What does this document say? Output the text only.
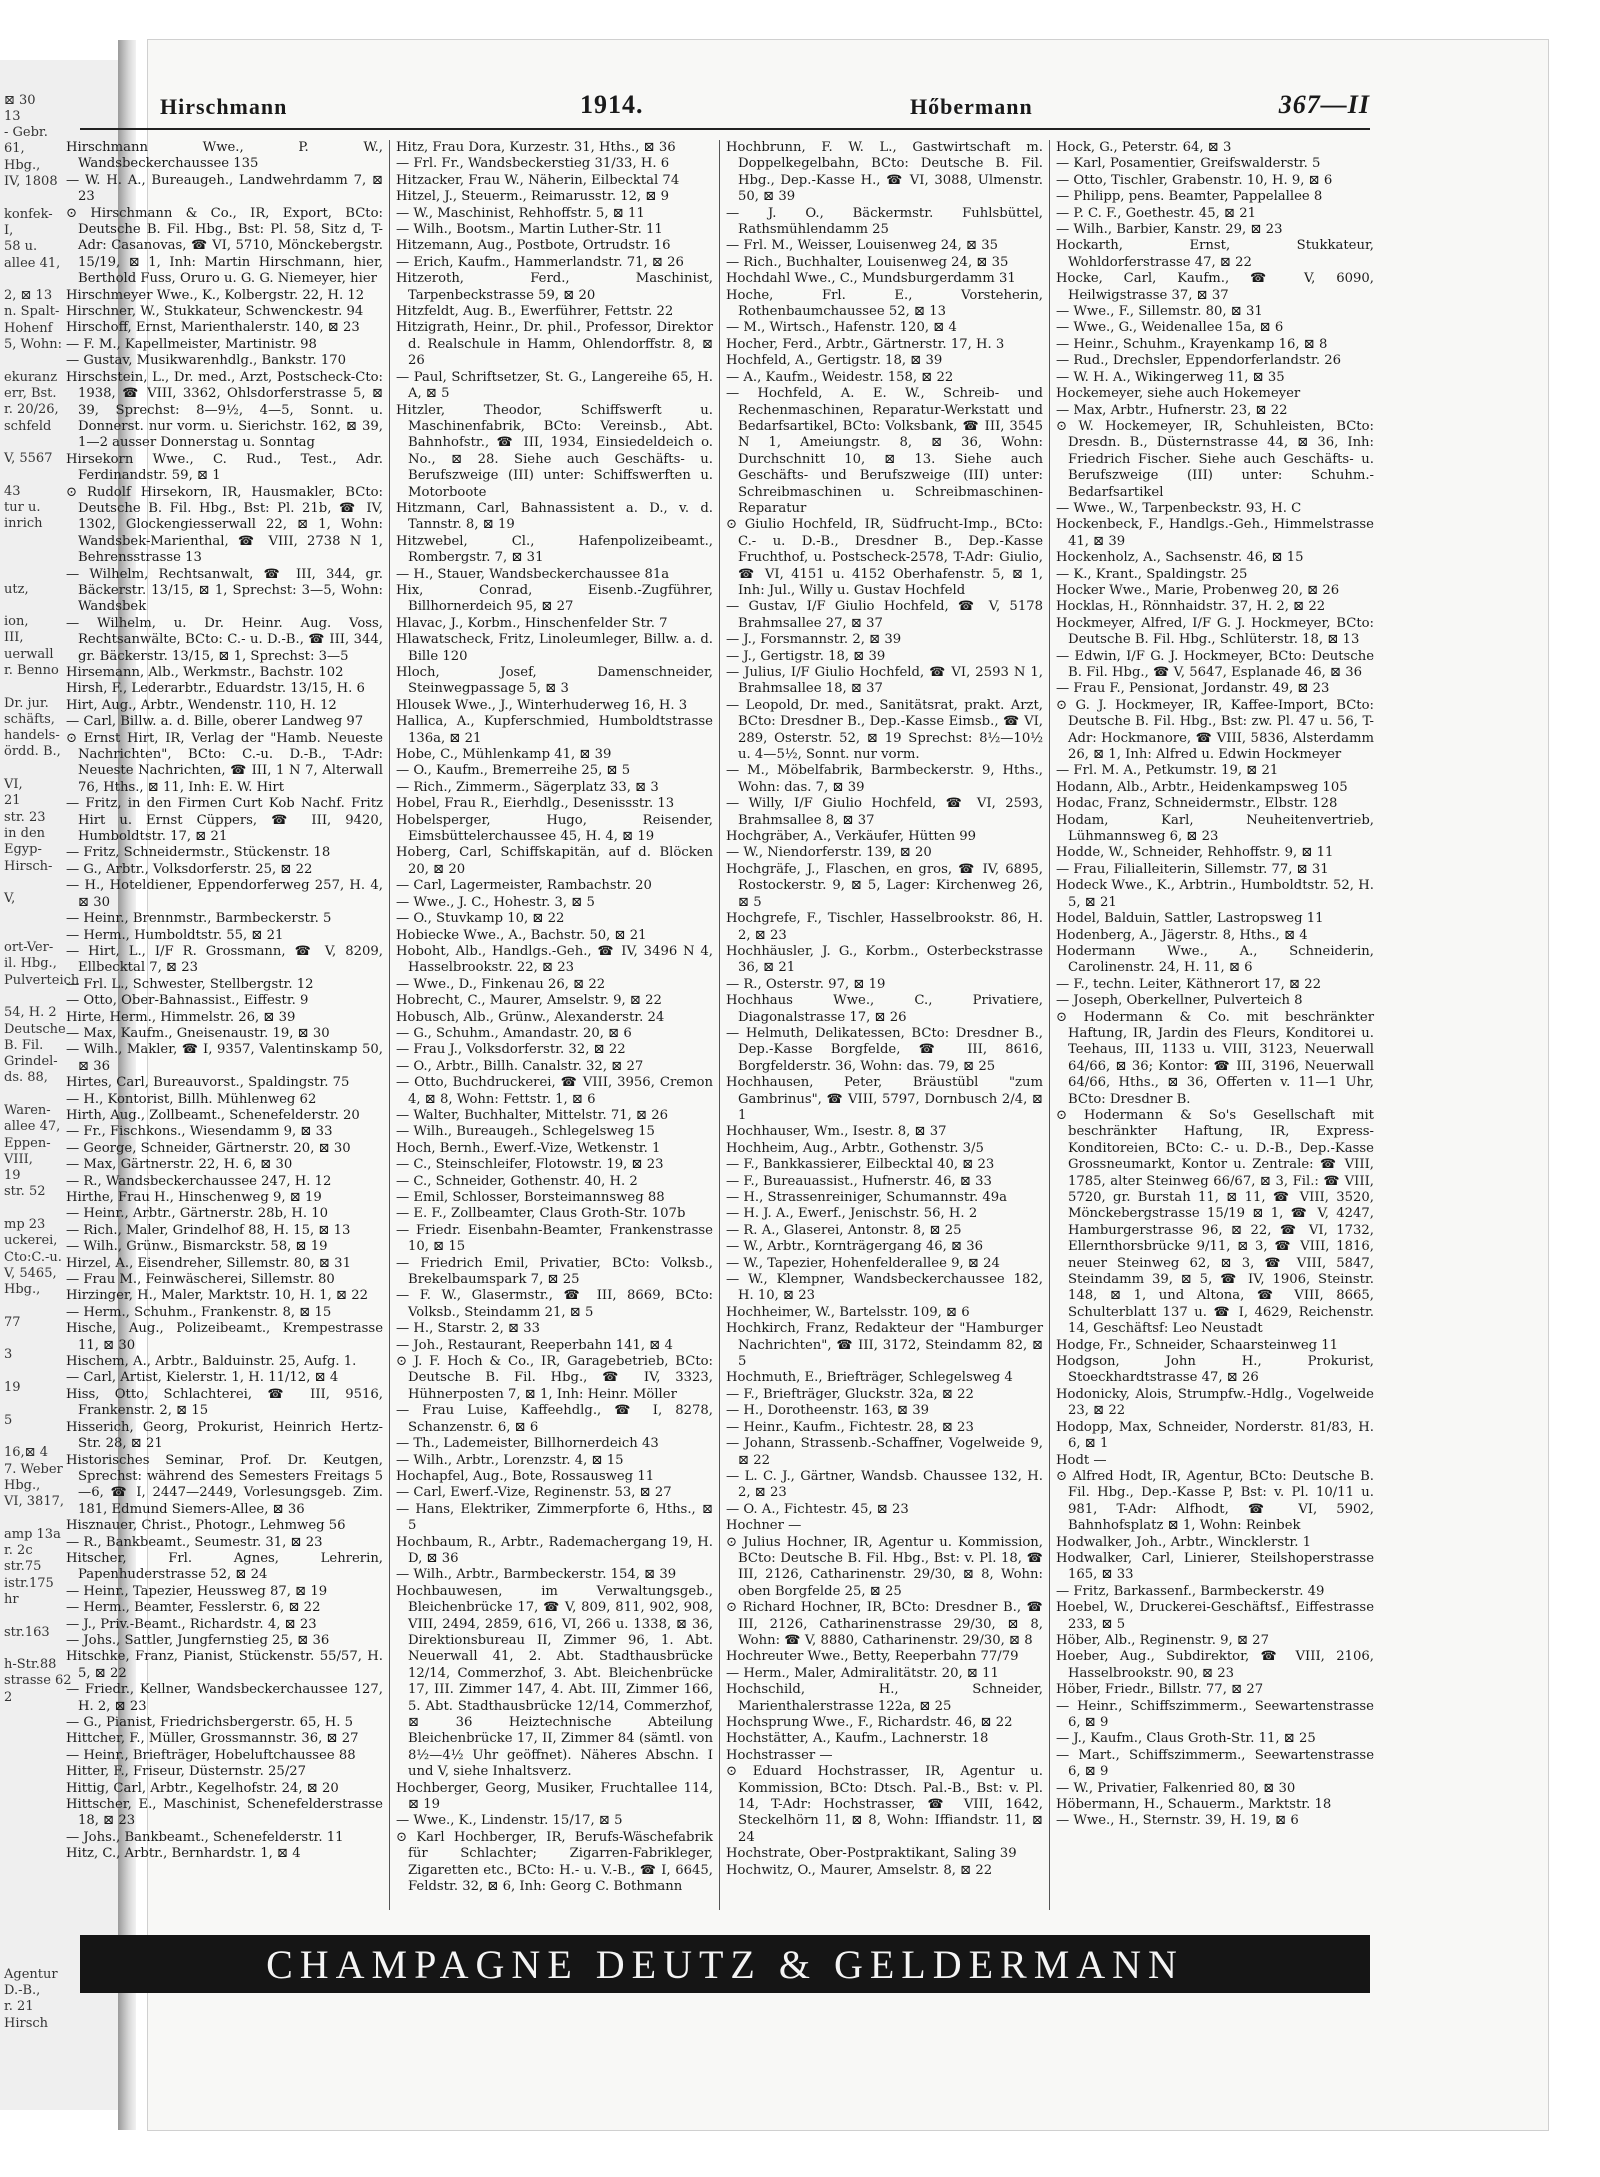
⊠ 30
13
- Gebr.
61,
Hbg.,
IV, 1808

konfek-
I,
58 u.
allee 41,

2, ⊠ 13
n. Spalt-
Hohenf
5, Wohn:

ekuranz
err, Bst.
r. 20/26,
schfeld

V, 5567

43
tur u.
inrich

utz,

ion,
III,
uerwall
r. Benno

Dr. jur.
schäfts,
handels-
ördd. B.,

VI,
21
str. 23
in den
Egyp-
Hirsch-

V,

ort-Ver-
il. Hbg.,
Pulverteich

54, H. 2
Deutsche
B. Fil.
Grindel-
ds. 88,

Waren-
allee 47,
Eppen-
VIII,
19
str. 52

mp 23
uckerei,
Cto:C.-u.
V, 5465,
Hbg.,

77

3

19

5

16,⊠ 4
7. Weber
Hbg.,
VI, 3817,

amp 13a
r. 2c
str.75
istr.175
hr

str.163

h-Str.88
strasse 62
2

Agentur
D.-B.,
r. 21
Hirsch
Hirschmann	1914.	Hőbermann	367—II

Hirschmann Wwe., P. W., Wandsbeckerchaussee 135

— W. H. A., Bureaugeh., Landwehrdamm 7, ⊠ 23

⊙ Hirschmann & Co., IR, Export, BCto: Deutsche B. Fil. Hbg., Bst: Pl. 58, Sitz d, T-Adr: Casanovas, ☎ VI, 5710, Mönckebergstr. 15/19, ⊠ 1, Inh: Martin Hirschmann, hier, Berthold Fuss, Oruro u. G. G. Niemeyer, hier

Hirschmeyer Wwe., K., Kolbergstr. 22, H. 12

Hirschner, W., Stukkateur, Schwenckestr. 94

Hirschoff, Ernst, Marienthalerstr. 140, ⊠ 23

— F. M., Kapellmeister, Martinistr. 98

— Gustav, Musikwarenhdlg., Bankstr. 170

Hirschstein, L., Dr. med., Arzt, Postscheck-Cto: 1938, ☎ VIII, 3362, Ohlsdorferstrasse 5, ⊠ 39, Sprechst: 8—9½, 4—5, Sonnt. u. Donnerst. nur vorm. u. Sierichstr. 162, ⊠ 39, 1—2 ausser Donnerstag u. Sonntag

Hirsekorn Wwe., C. Rud., Test., Adr. Ferdinandstr. 59, ⊠ 1

⊙ Rudolf Hirsekorn, IR, Hausmakler, BCto: Deutsche B. Fil. Hbg., Bst: Pl. 21b, ☎ IV, 1302, Glockengiesserwall 22, ⊠ 1, Wohn: Wandsbek-Marienthal, ☎ VIII, 2738 N 1, Behrensstrasse 13

— Wilhelm, Rechtsanwalt, ☎ III, 344, gr. Bäckerstr. 13/15, ⊠ 1, Sprechst: 3—5, Wohn: Wandsbek

— Wilhelm, u. Dr. Heinr. Aug. Voss, Rechtsanwälte, BCto: C.- u. D.-B., ☎ III, 344, gr. Bäckerstr. 13/15, ⊠ 1, Sprechst: 3—5

Hirsemann, Alb., Werkmstr., Bachstr. 102

Hirsh, F., Lederarbtr., Eduardstr. 13/15, H. 6

Hirt, Aug., Arbtr., Wendenstr. 110, H. 12

— Carl, Billw. a. d. Bille, oberer Landweg 97

⊙ Ernst Hirt, IR, Verlag der "Hamb. Neueste Nachrichten", BCto: C.-u. D.-B., T-Adr: Neueste Nachrichten, ☎ III, 1 N 7, Alterwall 76, Hths., ⊠ 11, Inh: E. W. Hirt

— Fritz, in den Firmen Curt Kob Nachf. Fritz Hirt u. Ernst Cüppers, ☎ III, 9420, Humboldtstr. 17, ⊠ 21

— Fritz, Schneidermstr., Stückenstr. 18

— G., Arbtr., Volksdorferstr. 25, ⊠ 22

— H., Hoteldiener, Eppendorferweg 257, H. 4, ⊠ 30

— Heinr., Brennmstr., Barmbeckerstr. 5

— Herm., Humboldtstr. 55, ⊠ 21

— Hirt, L., I/F R. Grossmann, ☎ V, 8209, Ellbecktal 7, ⊠ 23

— Frl. L., Schwester, Stellbergstr. 12

— Otto, Ober-Bahnassist., Eiffestr. 9

Hirte, Herm., Himmelstr. 26, ⊠ 39

— Max, Kaufm., Gneisenaustr. 19, ⊠ 30

— Wilh., Makler, ☎ I, 9357, Valentinskamp 50, ⊠ 36

Hirtes, Carl, Bureauvorst., Spaldingstr. 75

— H., Kontorist, Billh. Mühlenweg 62

Hirth, Aug., Zollbeamt., Schenefelderstr. 20

— Fr., Fischkons., Wiesendamm 9, ⊠ 33

— George, Schneider, Gärtnerstr. 20, ⊠ 30

— Max, Gärtnerstr. 22, H. 6, ⊠ 30

— R., Wandsbeckerchaussee 247, H. 12

Hirthe, Frau H., Hinschenweg 9, ⊠ 19

— Heinr., Arbtr., Gärtnerstr. 28b, H. 10

— Rich., Maler, Grindelhof 88, H. 15, ⊠ 13

— Wilh., Grünw., Bismarckstr. 58, ⊠ 19

Hirzel, A., Eisendreher, Sillemstr. 80, ⊠ 31

— Frau M., Feinwäscherei, Sillemstr. 80

Hirzinger, H., Maler, Marktstr. 10, H. 1, ⊠ 22

— Herm., Schuhm., Frankenstr. 8, ⊠ 15

Hische, Aug., Polizeibeamt., Krempestrasse 11, ⊠ 30

Hischem, A., Arbtr., Balduinstr. 25, Aufg. 1.

— Carl, Artist, Kielerstr. 1, H. 11/12, ⊠ 4

Hiss, Otto, Schlachterei, ☎ III, 9516, Frankenstr. 2, ⊠ 15

Hisserich, Georg, Prokurist, Heinrich Hertz-Str. 28, ⊠ 21

Historisches Seminar, Prof. Dr. Keutgen, Sprechst: während des Semesters Freitags 5—6, ☎ I, 2447—2449, Vorlesungsgeb. Zim. 181, Edmund Siemers-Allee, ⊠ 36

Hisznauer, Christ., Photogr., Lehmweg 56

— R., Bankbeamt., Seumestr. 31, ⊠ 23

Hitscher, Frl. Agnes, Lehrerin, Papenhuderstrasse 52, ⊠ 24

— Heinr., Tapezier, Heussweg 87, ⊠ 19

— Herm., Beamter, Fesslerstr. 6, ⊠ 22

— J., Priv.-Beamt., Richardstr. 4, ⊠ 23

— Johs., Sattler, Jungfernstieg 25, ⊠ 36

Hitschke, Franz, Pianist, Stückenstr. 55/57, H. 5, ⊠ 22

— Friedr., Kellner, Wandsbeckerchaussee 127, H. 2, ⊠ 23

— G., Pianist, Friedrichsbergerstr. 65, H. 5

Hittcher, F., Müller, Grossmannstr. 36, ⊠ 27

— Heinr., Briefträger, Hobeluftchaussee 88

Hitter, F., Friseur, Düsternstr. 25/27

Hittig, Carl, Arbtr., Kegelhofstr. 24, ⊠ 20

Hittscher, E., Maschinist, Schenefelderstrasse 18, ⊠ 23

— Johs., Bankbeamt., Schenefelderstr. 11

Hitz, C., Arbtr., Bernhardstr. 1, ⊠ 4

Hitz, Frau Dora, Kurzestr. 31, Hths., ⊠ 36

— Frl. Fr., Wandsbeckerstieg 31/33, H. 6

Hitzacker, Frau W., Näherin, Eilbecktal 74

Hitzel, J., Steuerm., Reimarusstr. 12, ⊠ 9

— W., Maschinist, Rehhoffstr. 5, ⊠ 11

— Wilh., Bootsm., Martin Luther-Str. 11

Hitzemann, Aug., Postbote, Ortrudstr. 16

— Erich, Kaufm., Hammerlandstr. 71, ⊠ 26

Hitzeroth, Ferd., Maschinist, Tarpenbeckstrasse 59, ⊠ 20

Hitzfeldt, Aug. B., Ewerführer, Fettstr. 22

Hitzigrath, Heinr., Dr. phil., Professor, Direktor d. Realschule in Hamm, Ohlendorffstr. 8, ⊠ 26

— Paul, Schriftsetzer, St. G., Langereihe 65, H. A, ⊠ 5

Hitzler, Theodor, Schiffswerft u. Maschinenfabrik, BCto: Vereinsb., Abt. Bahnhofstr., ☎ III, 1934, Einsiedeldeich o. No., ⊠ 28. Siehe auch Geschäfts- u. Berufszweige (III) unter: Schiffswerften u. Motorboote

Hitzmann, Carl, Bahnassistent a. D., v. d. Tannstr. 8, ⊠ 19

Hitzwebel, Cl., Hafenpolizeibeamt., Rombergstr. 7, ⊠ 31

— H., Stauer, Wandsbeckerchaussee 81a

Hix, Conrad, Eisenb.-Zugführer, Billhornerdeich 95, ⊠ 27

Hlavac, J., Korbm., Hinschenfelder Str. 7

Hlawatscheck, Fritz, Linoleumleger, Billw. a. d. Bille 120

Hloch, Josef, Damenschneider, Steinwegpassage 5, ⊠ 3

Hlousek Wwe., J., Winterhuderweg 16, H. 3

Hallica, A., Kupferschmied, Humboldtstrasse 136a, ⊠ 21

Hobe, C., Mühlenkamp 41, ⊠ 39

— O., Kaufm., Bremerreihe 25, ⊠ 5

— Rich., Zimmerm., Sägerplatz 33, ⊠ 3

Hobel, Frau R., Eierhdlg., Desenissstr. 13

Hobelsperger, Hugo, Reisender, Eimsbüttelerchaussee 45, H. 4, ⊠ 19

Hoberg, Carl, Schiffskapitän, auf d. Blöcken 20, ⊠ 20

— Carl, Lagermeister, Rambachstr. 20

— Wwe., J. C., Hohestr. 3, ⊠ 5

— O., Stuvkamp 10, ⊠ 22

Hobiecke Wwe., A., Bachstr. 50, ⊠ 21

Hoboht, Alb., Handlgs.-Geh., ☎ IV, 3496 N 4, Hasselbrookstr. 22, ⊠ 23

— Wwe., D., Finkenau 26, ⊠ 22

Hobrecht, C., Maurer, Amselstr. 9, ⊠ 22

Hobusch, Alb., Grünw., Alexanderstr. 24

— G., Schuhm., Amandastr. 20, ⊠ 6

— Frau J., Volksdorferstr. 32, ⊠ 22

— O., Arbtr., Billh. Canalstr. 32, ⊠ 27

— Otto, Buchdruckerei, ☎ VIII, 3956, Cremon 4, ⊠ 8, Wohn: Fettstr. 1, ⊠ 6

— Walter, Buchhalter, Mittelstr. 71, ⊠ 26

— Wilh., Bureaugeh., Schlegelsweg 15

Hoch, Bernh., Ewerf.-Vize, Wetkenstr. 1

— C., Steinschleifer, Flotowstr. 19, ⊠ 23

— C., Schneider, Gothenstr. 40, H. 2

— Emil, Schlosser, Borsteimannsweg 88

— E. F., Zollbeamter, Claus Groth-Str. 107b

— Friedr. Eisenbahn-Beamter, Frankenstrasse 10, ⊠ 15

— Friedrich Emil, Privatier, BCto: Volksb., Brekelbaumspark 7, ⊠ 25

— F. W., Glasermstr., ☎ III, 8669, BCto: Volksb., Steindamm 21, ⊠ 5

— H., Starstr. 2, ⊠ 33

— Joh., Restaurant, Reeperbahn 141, ⊠ 4

⊙ J. F. Hoch & Co., IR, Garagebetrieb, BCto: Deutsche B. Fil. Hbg., ☎ IV, 3323, Hühnerposten 7, ⊠ 1, Inh: Heinr. Möller

— Frau Luise, Kaffeehdlg., ☎ I, 8278, Schanzenstr. 6, ⊠ 6

— Th., Lademeister, Billhornerdeich 43

— Wilh., Arbtr., Lorenzstr. 4, ⊠ 15

Hochapfel, Aug., Bote, Rossausweg 11

— Carl, Ewerf.-Vize, Reginenstr. 53, ⊠ 27

— Hans, Elektriker, Zimmerpforte 6, Hths., ⊠ 5

Hochbaum, R., Arbtr., Rademachergang 19, H. D, ⊠ 36

— Wilh., Arbtr., Barmbeckerstr. 154, ⊠ 39

Hochbauwesen, im Verwaltungsgeb., Bleichenbrücke 17, ☎ V, 809, 811, 902, 908, VIII, 2494, 2859, 616, VI, 266 u. 1338, ⊠ 36, Direktionsbureau II, Zimmer 96, 1. Abt. Neuerwall 41, 2. Abt. Stadthausbrücke 12/14, Commerzhof, 3. Abt. Bleichenbrücke 17, III. Zimmer 147, 4. Abt. III, Zimmer 166, 5. Abt. Stadthausbrücke 12/14, Commerzhof, ⊠ 36 Heiztechnische Abteilung Bleichenbrücke 17, II, Zimmer 84 (sämtl. von 8½—4½ Uhr geöffnet). Näheres Abschn. I und V, siehe Inhaltsverz.

Hochberger, Georg, Musiker, Fruchtallee 114, ⊠ 19

— Wwe., K., Lindenstr. 15/17, ⊠ 5

⊙ Karl Hochberger, IR, Berufs-Wäschefabrik für Schlachter; Zigarren-Fabrikleger, Zigaretten etc., BCto: H.- u. V.-B., ☎ I, 6645, Feldstr. 32, ⊠ 6, Inh: Georg C. Bothmann

Hochbrunn, F. W. L., Gastwirtschaft m. Doppelkegelbahn, BCto: Deutsche B. Fil. Hbg., Dep.-Kasse H., ☎ VI, 3088, Ulmenstr. 50, ⊠ 39

— J. O., Bäckermstr. Fuhlsbüttel, Rathsmühlendamm 25

— Frl. M., Weisser, Louisenweg 24, ⊠ 35

— Rich., Buchhalter, Louisenweg 24, ⊠ 35

Hochdahl Wwe., C., Mundsburgerdamm 31

Hoche, Frl. E., Vorsteherin, Rothenbaumchaussee 52, ⊠ 13

— M., Wirtsch., Hafenstr. 120, ⊠ 4

Hocher, Ferd., Arbtr., Gärtnerstr. 17, H. 3

Hochfeld, A., Gertigstr. 18, ⊠ 39

— A., Kaufm., Weidestr. 158, ⊠ 22

— Hochfeld, A. E. W., Schreib- und Rechenmaschinen, Reparatur-Werkstatt und Bedarfsartikel, BCto: Volksbank, ☎ III, 3545 N 1, Ameiungstr. 8, ⊠ 36, Wohn: Durchschnitt 10, ⊠ 13. Siehe auch Geschäfts- und Berufszweige (III) unter: Schreibmaschinen u. Schreibmaschinen-Reparatur

⊙ Giulio Hochfeld, IR, Südfrucht-Imp., BCto: C.- u. D.-B., Dresdner B., Dep.-Kasse Fruchthof, u. Postscheck-2578, T-Adr: Giulio, ☎ VI, 4151 u. 4152 Oberhafenstr. 5, ⊠ 1, Inh: Jul., Willy u. Gustav Hochfeld

— Gustav, I/F Giulio Hochfeld, ☎ V, 5178 Brahmsallee 27, ⊠ 37

— J., Forsmannstr. 2, ⊠ 39

— J., Gertigstr. 18, ⊠ 39

— Julius, I/F Giulio Hochfeld, ☎ VI, 2593 N 1, Brahmsallee 18, ⊠ 37

— Leopold, Dr. med., Sanitätsrat, prakt. Arzt, BCto: Dresdner B., Dep.-Kasse Eimsb., ☎ VI, 289, Osterstr. 52, ⊠ 19 Sprechst: 8½—10½ u. 4—5½, Sonnt. nur vorm.

— M., Möbelfabrik, Barmbeckerstr. 9, Hths., Wohn: das. 7, ⊠ 39

— Willy, I/F Giulio Hochfeld, ☎ VI, 2593, Brahmsallee 8, ⊠ 37

Hochgräber, A., Verkäufer, Hütten 99

— W., Niendorferstr. 139, ⊠ 20

Hochgräfe, J., Flaschen, en gros, ☎ IV, 6895, Rostockerstr. 9, ⊠ 5, Lager: Kirchenweg 26, ⊠ 5

Hochgrefe, F., Tischler, Hasselbrookstr. 86, H. 2, ⊠ 23

Hochhäusler, J. G., Korbm., Osterbeckstrasse 36, ⊠ 21

— R., Osterstr. 97, ⊠ 19

Hochhaus Wwe., C., Privatiere, Diagonalstrasse 17, ⊠ 26

— Helmuth, Delikatessen, BCto: Dresdner B., Dep.-Kasse Borgfelde, ☎ III, 8616, Borgfelderstr. 36, Wohn: das. 79, ⊠ 25

Hochhausen, Peter, Bräustübl "zum Gambrinus", ☎ VIII, 5797, Dornbusch 2/4, ⊠ 1

Hochhauser, Wm., Isestr. 8, ⊠ 37

Hochheim, Aug., Arbtr., Gothenstr. 3/5

— F., Bankkassierer, Eilbecktal 40, ⊠ 23

— F., Bureauassist., Hufnerstr. 46, ⊠ 33

— H., Strassenreiniger, Schumannstr. 49a

— H. J. A., Ewerf., Jenischstr. 56, H. 2

— R. A., Glaserei, Antonstr. 8, ⊠ 25

— W., Arbtr., Kornträgergang 46, ⊠ 36

— W., Tapezier, Hohenfelderallee 9, ⊠ 24

— W., Klempner, Wandsbeckerchaussee 182, H. 10, ⊠ 23

Hochheimer, W., Bartelsstr. 109, ⊠ 6

Hochkirch, Franz, Redakteur der "Hamburger Nachrichten", ☎ III, 3172, Steindamm 82, ⊠ 5

Hochmuth, E., Briefträger, Schlegelsweg 4

— F., Briefträger, Gluckstr. 32a, ⊠ 22

— H., Dorotheenstr. 163, ⊠ 39

— Heinr., Kaufm., Fichtestr. 28, ⊠ 23

— Johann, Strassenb.-Schaffner, Vogelweide 9, ⊠ 22

— L. C. J., Gärtner, Wandsb. Chaussee 132, H. 2, ⊠ 23

— O. A., Fichtestr. 45, ⊠ 23

Hochner —

⊙ Julius Hochner, IR, Agentur u. Kommission, BCto: Deutsche B. Fil. Hbg., Bst: v. Pl. 18, ☎ III, 2126, Catharinenstr. 29/30, ⊠ 8, Wohn: oben Borgfelde 25, ⊠ 25

⊙ Richard Hochner, IR, BCto: Dresdner B., ☎ III, 2126, Catharinenstrasse 29/30, ⊠ 8, Wohn: ☎ V, 8880, Catharinenstr. 29/30, ⊠ 8

Hochreuter Wwe., Betty, Reeperbahn 77/79

— Herm., Maler, Admiralitätstr. 20, ⊠ 11

Hochschild, H., Schneider, Marienthalerstrasse 122a, ⊠ 25

Hochsprung Wwe., F., Richardstr. 46, ⊠ 22

Hochstätter, A., Kaufm., Lachnerstr. 18

Hochstrasser —

⊙ Eduard Hochstrasser, IR, Agentur u. Kommission, BCto: Dtsch. Pal.-B., Bst: v. Pl. 14, T-Adr: Hochstrasser, ☎ VIII, 1642, Steckelhörn 11, ⊠ 8, Wohn: Iffiandstr. 11, ⊠ 24

Hochstrate, Ober-Postpraktikant, Saling 39

Hochwitz, O., Maurer, Amselstr. 8, ⊠ 22

Hock, G., Peterstr. 64, ⊠ 3

— Karl, Posamentier, Greifswalderstr. 5

— Otto, Tischler, Grabenstr. 10, H. 9, ⊠ 6

— Philipp, pens. Beamter, Pappelallee 8

— P. C. F., Goethestr. 45, ⊠ 21

— Wilh., Barbier, Kanstr. 29, ⊠ 23

Hockarth, Ernst, Stukkateur, Wohldorferstrasse 47, ⊠ 22

Hocke, Carl, Kaufm., ☎ V, 6090, Heilwigstrasse 37, ⊠ 37

— Wwe., F., Sillemstr. 80, ⊠ 31

— Wwe., G., Weidenallee 15a, ⊠ 6

— Heinr., Schuhm., Krayenkamp 16, ⊠ 8

— Rud., Drechsler, Eppendorferlandstr. 26

— W. H. A., Wikingerweg 11, ⊠ 35

Hockemeyer, siehe auch Hokemeyer

— Max, Arbtr., Hufnerstr. 23, ⊠ 22

⊙ W. Hockemeyer, IR, Schuhleisten, BCto: Dresdn. B., Düsternstrasse 44, ⊠ 36, Inh: Friedrich Fischer. Siehe auch Geschäfts- u. Berufszweige (III) unter: Schuhm.-Bedarfsartikel

— Wwe., W., Tarpenbeckstr. 93, H. C

Hockenbeck, F., Handlgs.-Geh., Himmelstrasse 41, ⊠ 39

Hockenholz, A., Sachsenstr. 46, ⊠ 15

— K., Krant., Spaldingstr. 25

Hocker Wwe., Marie, Probenweg 20, ⊠ 26

Hocklas, H., Rönnhaidstr. 37, H. 2, ⊠ 22

Hockmeyer, Alfred, I/F G. J. Hockmeyer, BCto: Deutsche B. Fil. Hbg., Schlüterstr. 18, ⊠ 13

— Edwin, I/F G. J. Hockmeyer, BCto: Deutsche B. Fil. Hbg., ☎ V, 5647, Esplanade 46, ⊠ 36

— Frau F., Pensionat, Jordanstr. 49, ⊠ 23

⊙ G. J. Hockmeyer, IR, Kaffee-Import, BCto: Deutsche B. Fil. Hbg., Bst: zw. Pl. 47 u. 56, T-Adr: Hockmanore, ☎ VIII, 5836, Alsterdamm 26, ⊠ 1, Inh: Alfred u. Edwin Hockmeyer

— Frl. M. A., Petkumstr. 19, ⊠ 21

Hodann, Alb., Arbtr., Heidenkampsweg 105

Hodac, Franz, Schneidermstr., Elbstr. 128

Hodam, Karl, Neuheitenvertrieb, Lühmannsweg 6, ⊠ 23

Hodde, W., Schneider, Rehhoffstr. 9, ⊠ 11

— Frau, Filialleiterin, Sillemstr. 77, ⊠ 31

Hodeck Wwe., K., Arbtrin., Humboldtstr. 52, H. 5, ⊠ 21

Hodel, Balduin, Sattler, Lastropsweg 11

Hodenberg, A., Jägerstr. 8, Hths., ⊠ 4

Hodermann Wwe., A., Schneiderin, Carolinenstr. 24, H. 11, ⊠ 6

— F., techn. Leiter, Käthnerort 17, ⊠ 22

— Joseph, Oberkellner, Pulverteich 8

⊙ Hodermann & Co. mit beschränkter Haftung, IR, Jardin des Fleurs, Konditorei u. Teehaus, III, 1133 u. VIII, 3123, Neuerwall 64/66, ⊠ 36; Kontor: ☎ III, 3196, Neuerwall 64/66, Hths., ⊠ 36, Offerten v. 11—1 Uhr, BCto: Dresdner B.

⊙ Hodermann & So's Gesellschaft mit beschränkter Haftung, IR, Express-Konditoreien, BCto: C.- u. D.-B., Dep.-Kasse Grossneumarkt, Kontor u. Zentrale: ☎ VIII, 1785, alter Steinweg 66/67, ⊠ 3, Fil.: ☎ VIII, 5720, gr. Burstah 11, ⊠ 11, ☎ VIII, 3520, Mönckebergstrasse 15/19 ⊠ 1, ☎ V, 4247, Hamburgerstrasse 96, ⊠ 22, ☎ VI, 1732, Ellernthorsbrücke 9/11, ⊠ 3, ☎ VIII, 1816, neuer Steinweg 62, ⊠ 3, ☎ VIII, 5847, Steindamm 39, ⊠ 5, ☎ IV, 1906, Steinstr. 148, ⊠ 1, und Altona, ☎ VIII, 8665, Schulterblatt 137 u. ☎ I, 4629, Reichenstr. 14, Geschäftsf: Leo Neustadt

Hodge, Fr., Schneider, Schaarsteinweg 11

Hodgson, John H., Prokurist, Stoeckhardtstrasse 47, ⊠ 26

Hodonicky, Alois, Strumpfw.-Hdlg., Vogelweide 23, ⊠ 22

Hodopp, Max, Schneider, Norderstr. 81/83, H. 6, ⊠ 1

Hodt —

⊙ Alfred Hodt, IR, Agentur, BCto: Deutsche B. Fil. Hbg., Dep.-Kasse P, Bst: v. Pl. 10/11 u. 981, T-Adr: Alfhodt, ☎ VI, 5902, Bahnhofsplatz ⊠ 1, Wohn: Reinbek

Hodwalker, Joh., Arbtr., Wincklerstr. 1

Hodwalker, Carl, Linierer, Steilshoperstrasse 165, ⊠ 33

— Fritz, Barkassenf., Barmbeckerstr. 49

Hoebel, W., Druckerei-Geschäftsf., Eiffestrasse 233, ⊠ 5

Höber, Alb., Reginenstr. 9, ⊠ 27

Hoeber, Aug., Subdirektor, ☎ VIII, 2106, Hasselbrookstr. 90, ⊠ 23

Höber, Friedr., Billstr. 77, ⊠ 27

— Heinr., Schiffszimmerm., Seewartenstrasse 6, ⊠ 9

— J., Kaufm., Claus Groth-Str. 11, ⊠ 25

— Mart., Schiffszimmerm., Seewartenstrasse 6, ⊠ 9

— W., Privatier, Falkenried 80, ⊠ 30

Höbermann, H., Schauerm., Marktstr. 18

— Wwe., H., Sternstr. 39, H. 19, ⊠ 6

CHAMPAGNE DEUTZ & GELDERMANN
